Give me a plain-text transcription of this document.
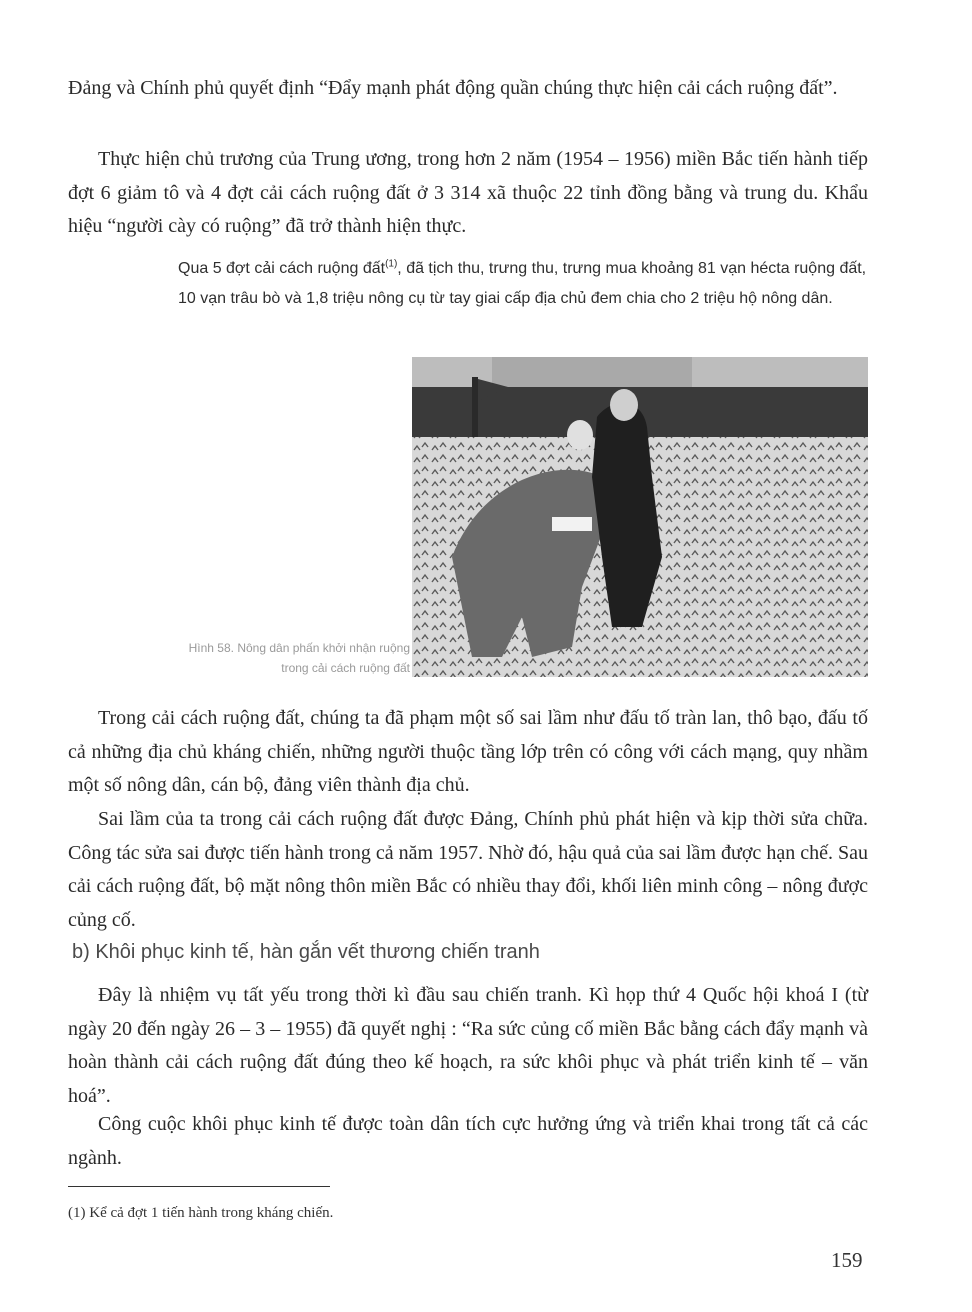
Đảng và Chính phủ quyết định “Đẩy mạnh phát động quần chúng thực hiện cải cách ruộng đất”.

Thực hiện chủ trương của Trung ương, trong hơn 2 năm (1954 – 1956) miền Bắc tiến hành tiếp đợt 6 giảm tô và 4 đợt cải cách ruộng đất ở 3 314 xã thuộc 22 tỉnh đồng bằng và trung du. Khẩu hiệu “người cày có ruộng” đã trở thành hiện thực.

Qua 5 đợt cải cách ruộng đất$^{(1)}$, đã tịch thu, trưng thu, trưng mua khoảng 81 vạn hécta ruộng đất, 10 vạn trâu bò và 1,8 triệu nông cụ từ tay giai cấp địa chủ đem chia cho 2 triệu hộ nông dân.

Hình 58. Nông dân phấn khởi nhận ruộng
trong cải cách ruộng đất

Trong cải cách ruộng đất, chúng ta đã phạm một số sai lầm như đấu tố tràn lan, thô bạo, đấu tố cả những địa chủ kháng chiến, những người thuộc tầng lớp trên có công với cách mạng, quy nhầm một số nông dân, cán bộ, đảng viên thành địa chủ.

Sai lầm của ta trong cải cách ruộng đất được Đảng, Chính phủ phát hiện và kịp thời sửa chữa. Công tác sửa sai được tiến hành trong cả năm 1957. Nhờ đó, hậu quả của sai lầm được hạn chế. Sau cải cách ruộng đất, bộ mặt nông thôn miền Bắc có nhiều thay đổi, khối liên minh công – nông được củng cố.

b) Khôi phục kinh tế, hàn gắn vết thương chiến tranh

Đây là nhiệm vụ tất yếu trong thời kì đầu sau chiến tranh. Kì họp thứ 4 Quốc hội khoá I (từ ngày 20 đến ngày 26 – 3 – 1955) đã quyết nghị : “Ra sức củng cố miền Bắc bằng cách đẩy mạnh và hoàn thành cải cách ruộng đất đúng theo kế hoạch, ra sức khôi phục và phát triển kinh tế – văn hoá”.

Công cuộc khôi phục kinh tế được toàn dân tích cực hưởng ứng và triển khai trong tất cả các ngành.

(1) Kể cả đợt 1 tiến hành trong kháng chiến.
159
